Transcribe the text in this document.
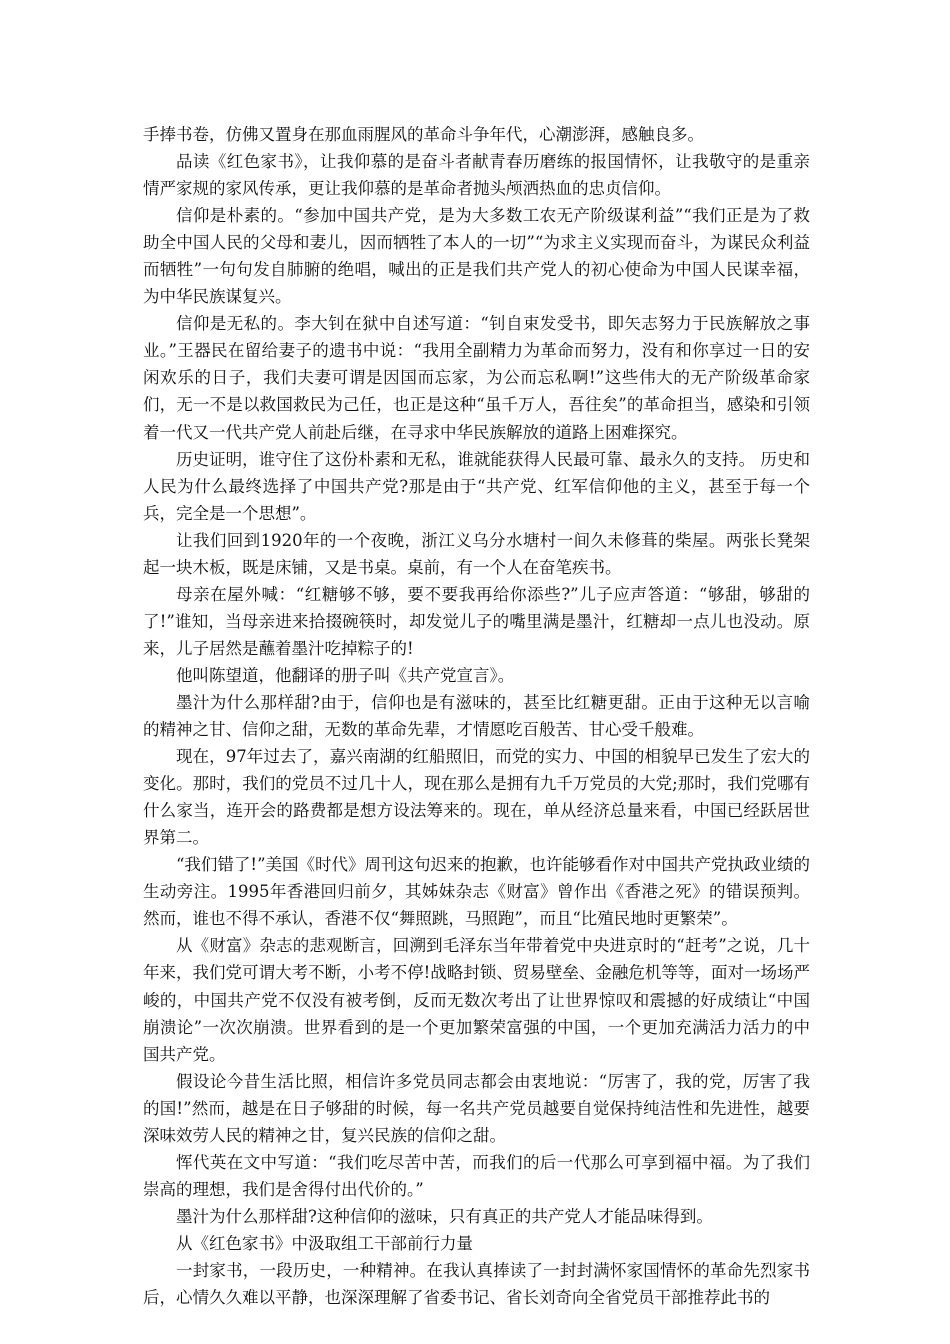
手捧书卷，仿佛又置身在那血雨腥风的革命斗争年代，心潮澎湃，感触良多。

品读《红色家书》，让我仰慕的是奋斗者献青春历磨练的报国情怀，让我敬守的是重亲情严家规的家风传承，更让我仰慕的是革命者抛头颅洒热血的忠贞信仰。

信仰是朴素的。“参加中国共产党，是为大多数工农无产阶级谋利益”“我们正是为了救助全中国人民的父母和妻儿，因而牺牲了本人的一切”“为求主义实现而奋斗，为谋民众利益而牺牲”一句句发自肺腑的绝唱，喊出的正是我们共产党人的初心使命为中国人民谋幸福，为中华民族谋复兴。

信仰是无私的。李大钊在狱中自述写道：“钊自束发受书，即矢志努力于民族解放之事业。”王器民在留给妻子的遗书中说：“我用全副精力为革命而努力，没有和你享过一日的安闲欢乐的日子，我们夫妻可谓是因国而忘家，为公而忘私啊!”这些伟大的无产阶级革命家们，无一不是以救国救民为己任，也正是这种“虽千万人，吾往矣”的革命担当，感染和引领着一代又一代共产党人前赴后继，在寻求中华民族解放的道路上困难探究。

历史证明，谁守住了这份朴素和无私，谁就能获得人民最可靠、最永久的支持。 历史和人民为什么最终选择了中国共产党?那是由于“共产党、红军信仰他的主义，甚至于每一个兵，完全是一个思想”。

让我们回到1920年的一个夜晚，浙江义乌分水塘村一间久未修葺的柴屋。两张长凳架起一块木板，既是床铺，又是书桌。桌前，有一个人在奋笔疾书。

母亲在屋外喊：“红糖够不够，要不要我再给你添些?”儿子应声答道：“够甜，够甜的了!”谁知，当母亲进来拾掇碗筷时，却发觉儿子的嘴里满是墨汁，红糖却一点儿也没动。原来，儿子居然是蘸着墨汁吃掉粽子的!

他叫陈望道，他翻译的册子叫《共产党宣言》。

墨汁为什么那样甜?由于，信仰也是有滋味的，甚至比红糖更甜。正由于这种无以言喻的精神之甘、信仰之甜，无数的革命先辈，才情愿吃百般苦、甘心受千般难。

现在，97年过去了，嘉兴南湖的红船照旧，而党的实力、中国的相貌早已发生了宏大的变化。那时，我们的党员不过几十人，现在那么是拥有九千万党员的大党;那时，我们党哪有什么家当，连开会的路费都是想方设法筹来的。现在，单从经济总量来看，中国已经跃居世界第二。

“我们错了!”美国《时代》周刊这句迟来的抱歉，也许能够看作对中国共产党执政业绩的生动旁注。1995年香港回归前夕，其姊妹杂志《财富》曾作出《香港之死》的错误预判。然而，谁也不得不承认，香港不仅“舞照跳，马照跑”，而且“比殖民地时更繁荣”。

从《财富》杂志的悲观断言，回溯到毛泽东当年带着党中央进京时的“赶考”之说，几十年来，我们党可谓大考不断，小考不停!战略封锁、贸易壁垒、金融危机等等，面对一场场严峻的，中国共产党不仅没有被考倒，反而无数次考出了让世界惊叹和震撼的好成绩让“中国崩溃论”一次次崩溃。世界看到的是一个更加繁荣富强的中国，一个更加充满活力活力的中国共产党。

假设论今昔生活比照，相信许多党员同志都会由衷地说：“厉害了，我的党，厉害了我的国!”然而，越是在日子够甜的时候，每一名共产党员越要自觉保持纯洁性和先进性，越要深味效劳人民的精神之甘，复兴民族的信仰之甜。

恽代英在文中写道：“我们吃尽苦中苦，而我们的后一代那么可享到福中福。为了我们崇高的理想，我们是舍得付出代价的。”

墨汁为什么那样甜?这种信仰的滋味，只有真正的共产党人才能品味得到。

从《红色家书》中汲取组工干部前行力量

一封家书，一段历史，一种精神。在我认真捧读了一封封满怀家国情怀的革命先烈家书后，心情久久难以平静，也深深理解了省委书记、省长刘奇向全省党员干部推荐此书的
